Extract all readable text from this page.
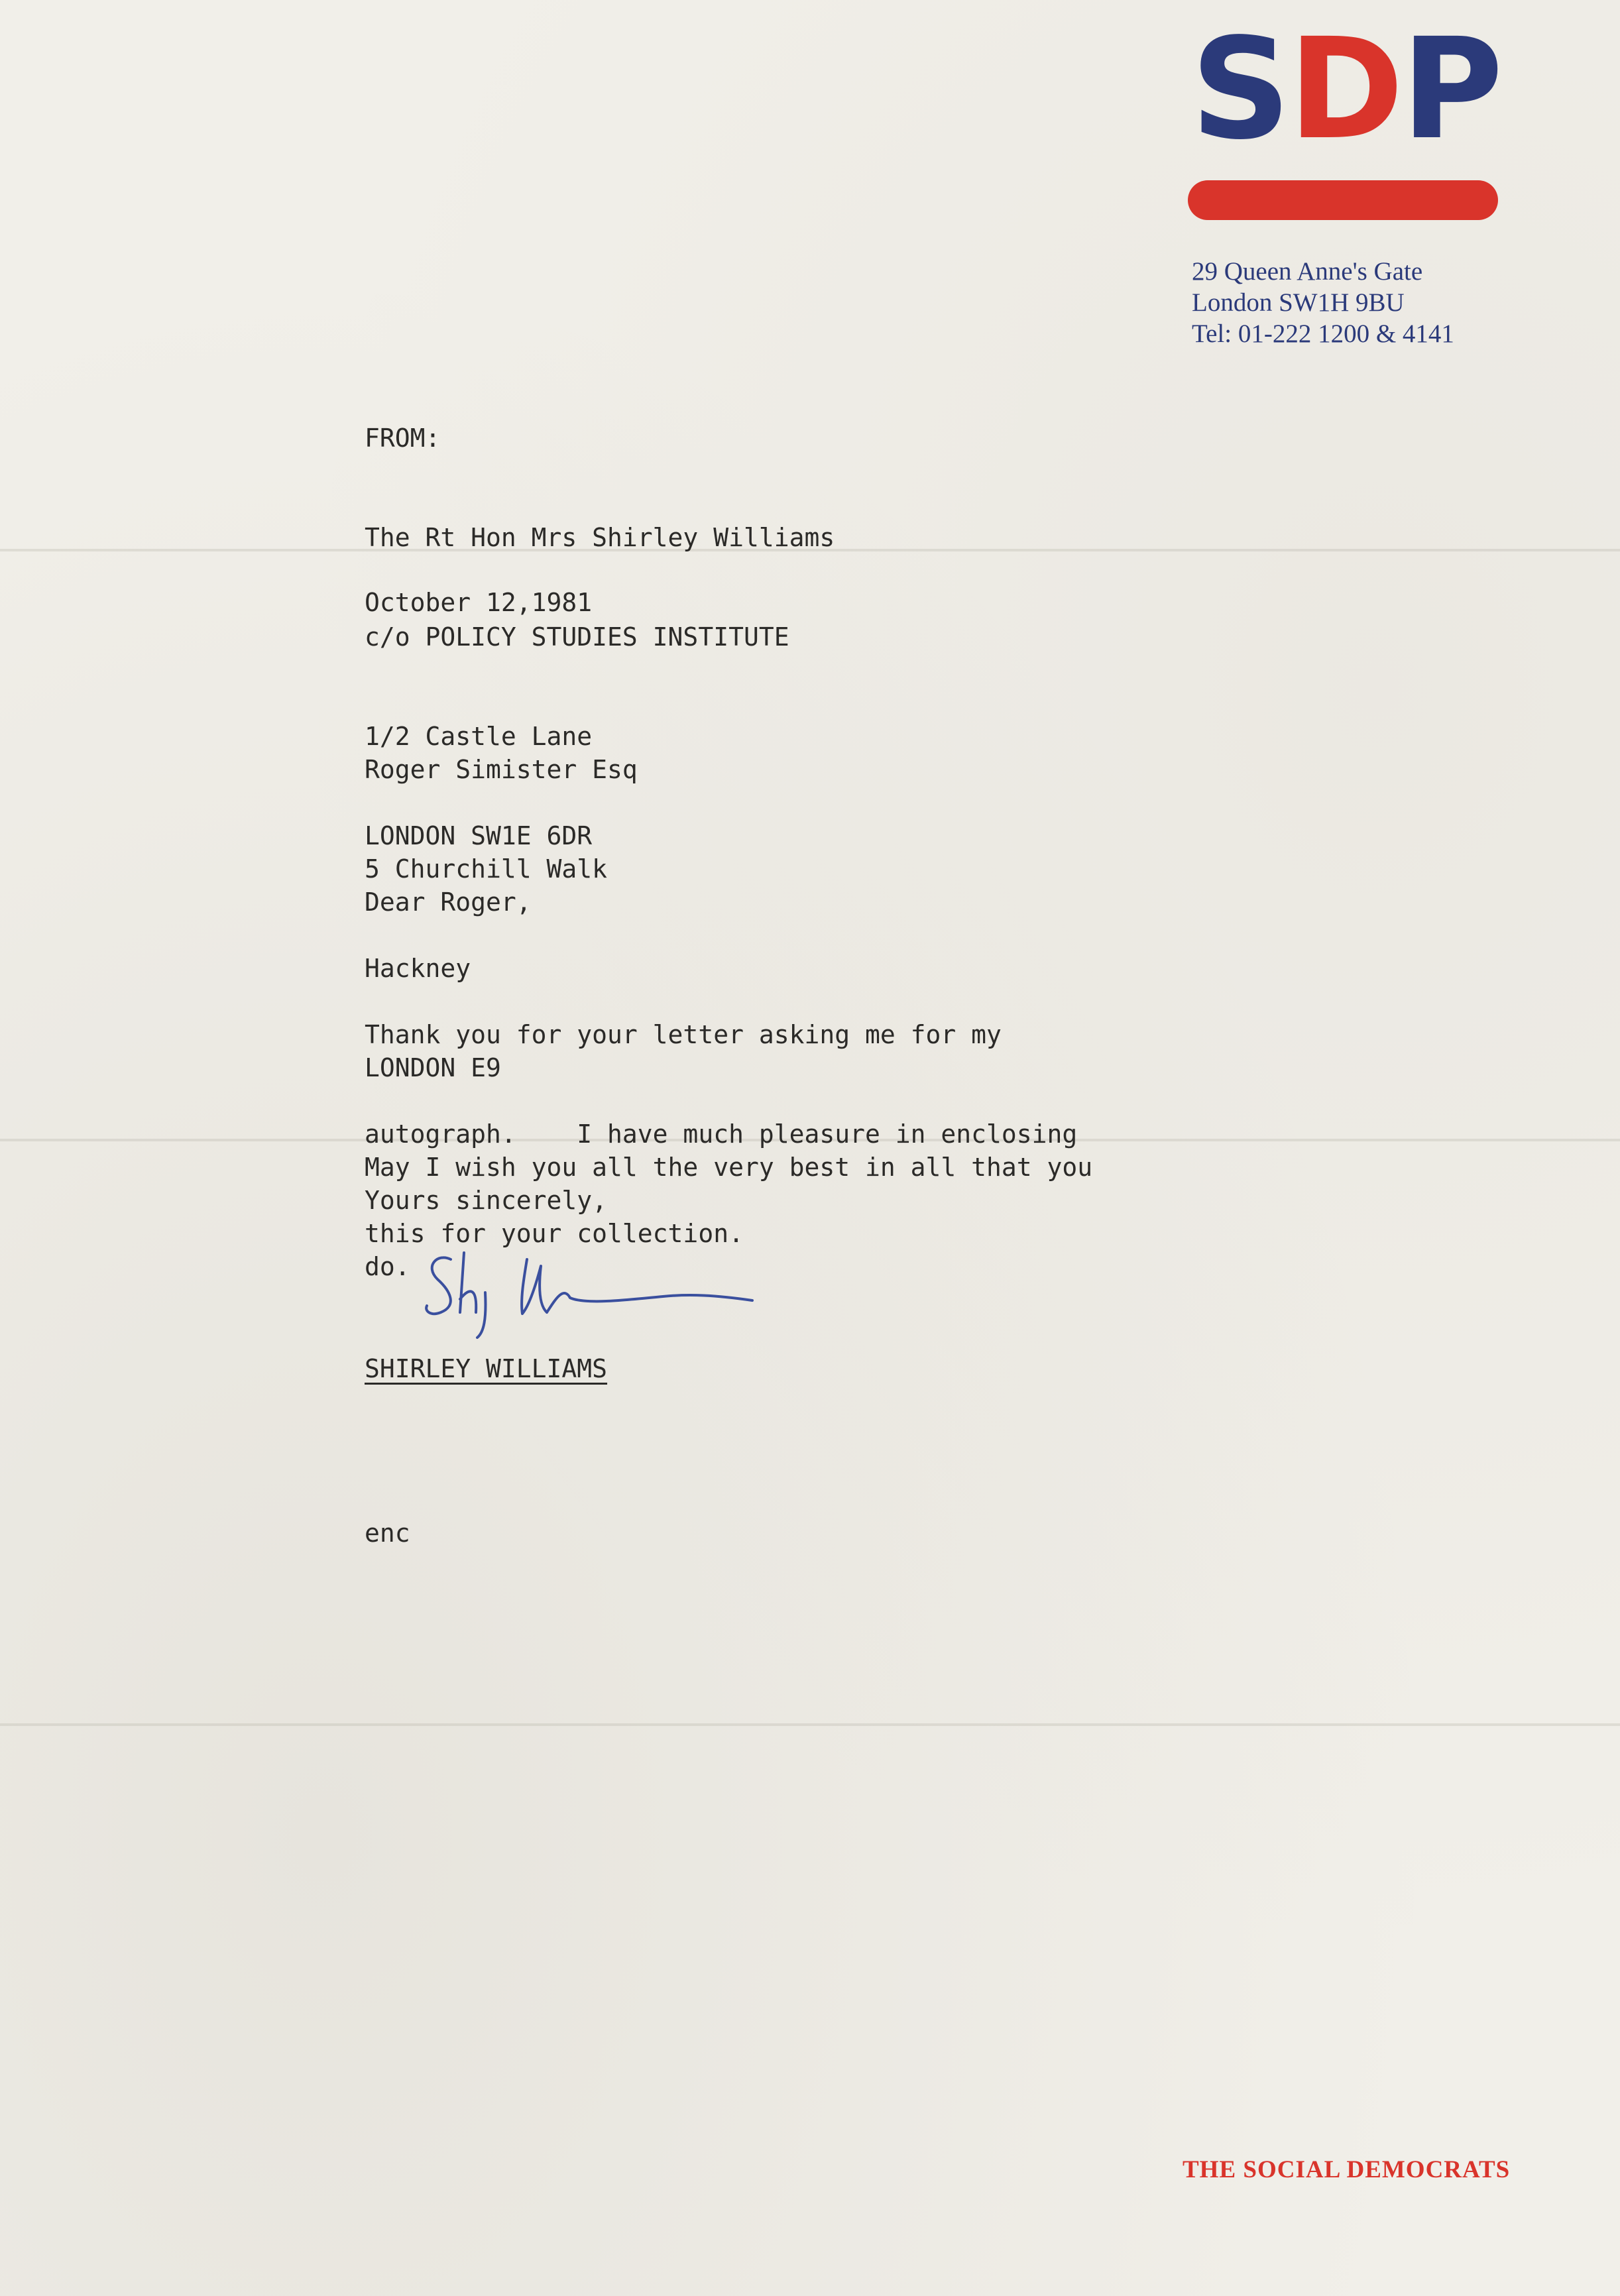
SDP
29 Queen Anne's Gate
London SW1H 9BU
Tel: 01-222 1200 & 4141

FROM:

The Rt Hon Mrs Shirley Williams

c/o POLICY STUDIES INSTITUTE

1/2 Castle Lane

LONDON SW1E 6DR

October 12,1981

Roger Simister Esq

5 Churchill Walk

Hackney

LONDON E9

Dear Roger,

Thank you for your letter asking me for my

autograph.    I have much pleasure in enclosing

this for your collection.

May I wish you all the very best in all that you

do.

Yours sincerely,
SHIRLEY WILLIAMS
enc
THE SOCIAL DEMOCRATS
